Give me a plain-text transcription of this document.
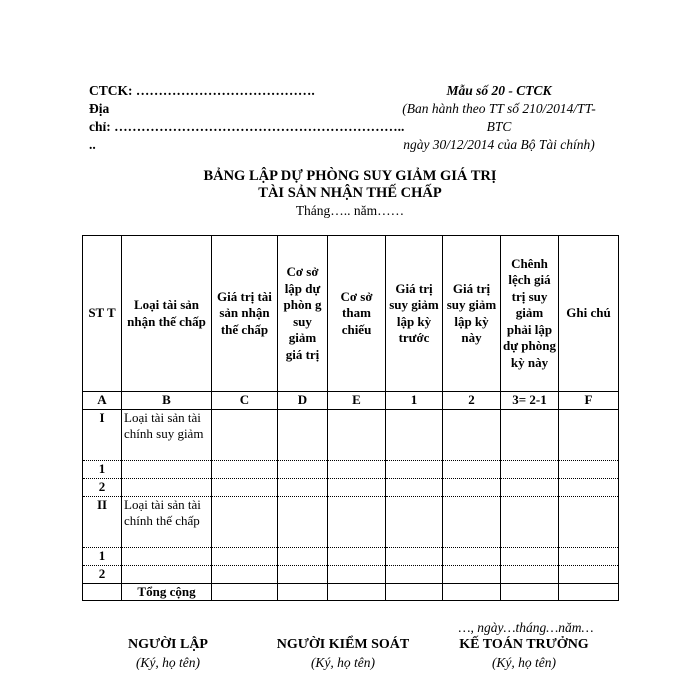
CTCK: ………………………………….
Địa
chỉ: ………………………………………………………..
..
Mẫu số 20 - CTCK
(Ban hành theo TT số 210/2014/TT-
BTC
ngày 30/12/2014 của Bộ Tài chính)
BẢNG LẬP DỰ PHÒNG SUY GIẢM GIÁ TRỊ
TÀI SẢN NHẬN THẾ CHẤP
Tháng….. năm……
ST T	Loại tài sản nhận thế chấp	Giá trị tài sản nhận thế chấp	Cơ sở lập dự phòn g suy giảm giá trị	Cơ sở tham chiếu	Giá trị suy giảm lập kỳ trước	Giá trị suy giảm lập kỳ này	Chênh lệch giá trị suy giảm phải lập dự phòng kỳ này	Ghi chú
A	B	C	D	E	1	2	3= 2-1	F
I	Loại tài sản tài chính suy giảm							
1								
2								
II	Loại tài sản tài chính thế chấp							
1								
2								
	Tổng cộng							
…, ngày…tháng…năm…
NGƯỜI LẬP
(Ký, họ tên)
NGƯỜI KIỂM SOÁT
(Ký, họ tên)
KẾ TOÁN TRƯỞNG
(Ký, họ tên)
